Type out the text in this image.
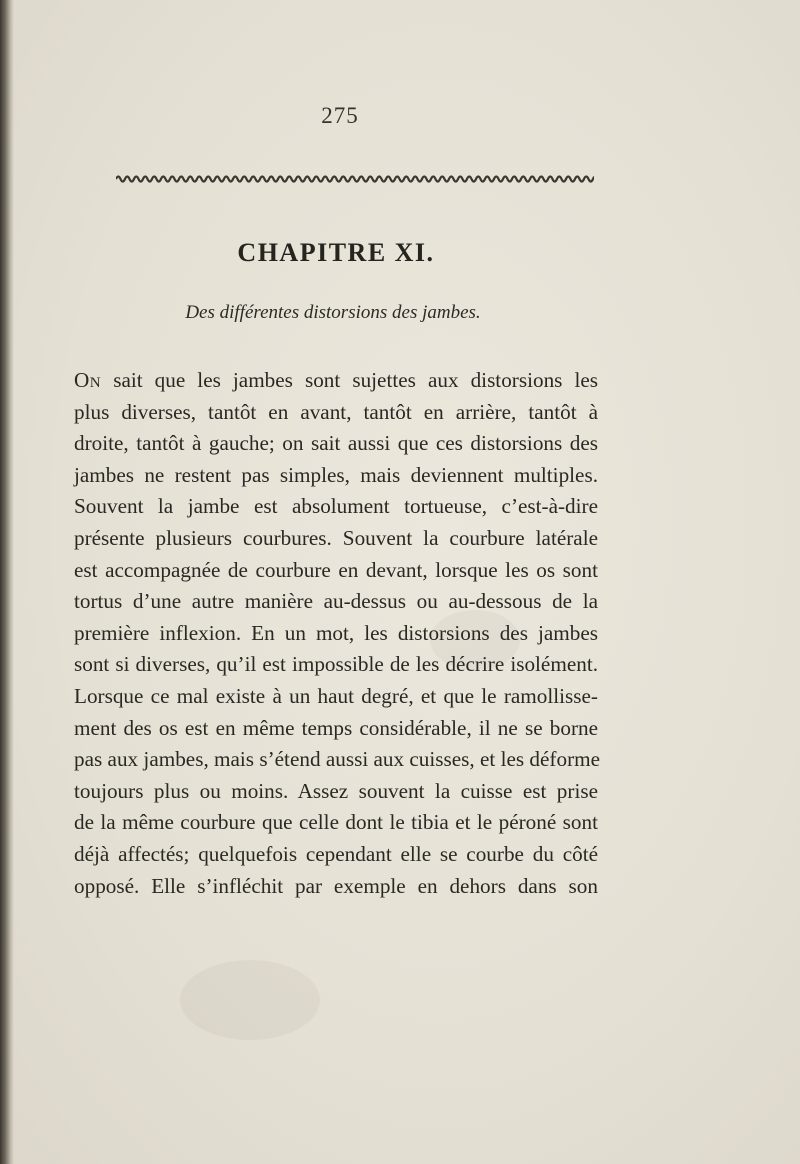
275
CHAPITRE XI.
Des différentes distorsions des jambes.
On sait que les jambes sont sujettes aux distorsions les
plus diverses, tantôt en avant, tantôt en arrière, tantôt à
droite, tantôt à gauche; on sait aussi que ces distorsions des
jambes ne restent pas simples, mais deviennent multiples.
Souvent la jambe est absolument tortueuse, c’est-à-dire
présente plusieurs courbures. Souvent la courbure latérale
est accompagnée de courbure en devant, lorsque les os sont
tortus d’une autre manière au-dessus ou au-dessous de la
première inflexion. En un mot, les distorsions des jambes
sont si diverses, qu’il est impossible de les décrire isolément.
Lorsque ce mal existe à un haut degré, et que le ramollisse-
ment des os est en même temps considérable, il ne se borne
pas aux jambes, mais s’étend aussi aux cuisses, et les déforme
toujours plus ou moins. Assez souvent la cuisse est prise
de la même courbure que celle dont le tibia et le péroné sont
déjà affectés; quelquefois cependant elle se courbe du côté
opposé. Elle s’infléchit par exemple en dehors dans son
